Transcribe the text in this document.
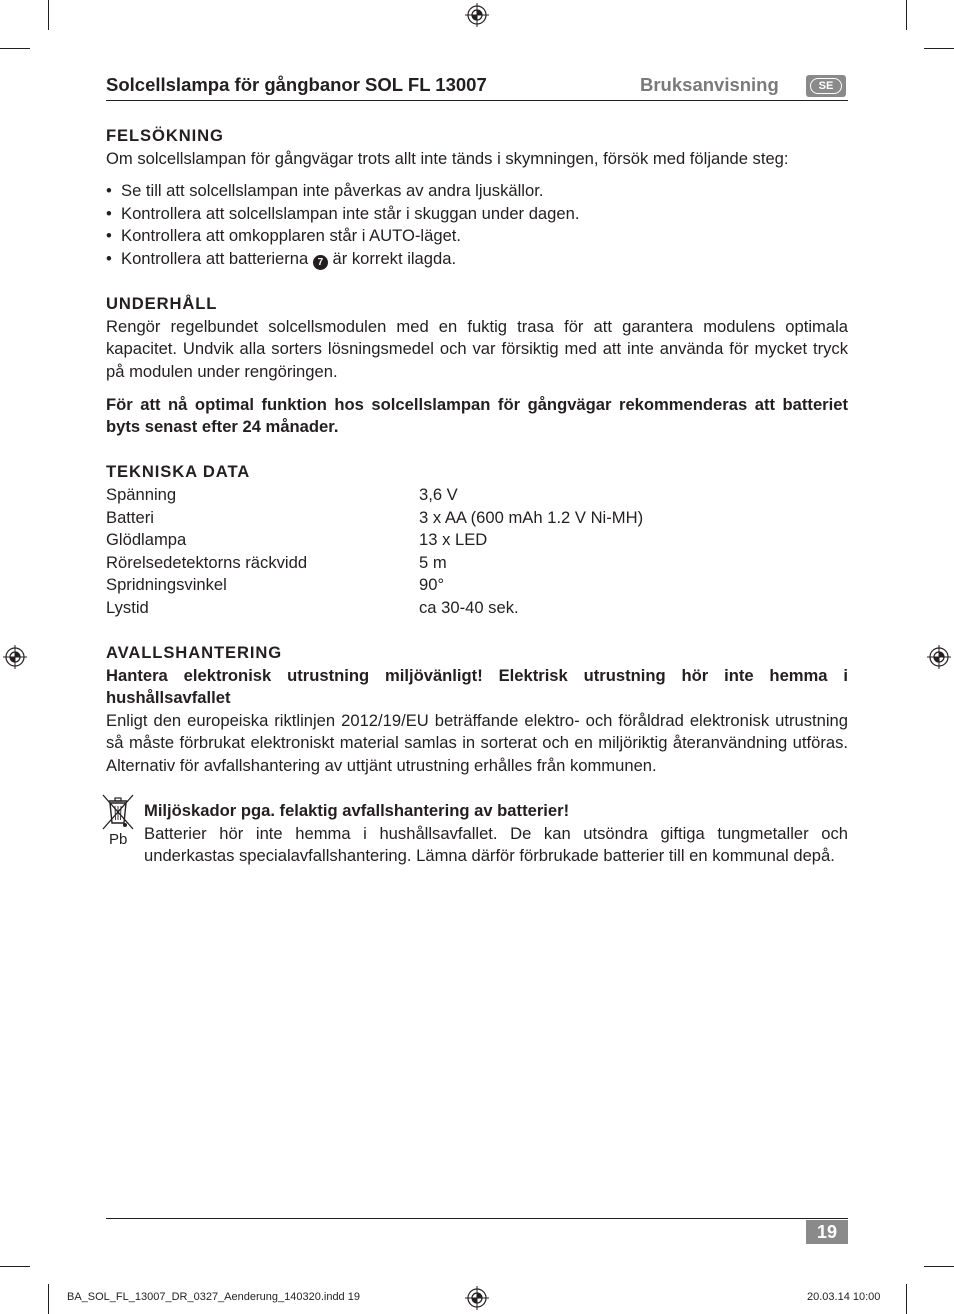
Solcellslampa för gångbanor SOL FL 13007	Bruksanvisning	SE
FELSÖKNING

Om solcellslampan för gångvägar trots allt inte tänds i skymningen, försök med följande steg:

• Se till att solcellslampan inte påverkas av andra ljuskällor.
• Kontrollera att solcellslampan inte står i skuggan under dagen.
• Kontrollera att omkopplaren står i AUTO-läget.
• Kontrollera att batterierna 7 är korrekt ilagda.
UNDERHÅLL

Rengör regelbundet solcellsmodulen med en fuktig trasa för att garantera modulens optimala kapacitet. Undvik alla sorters lösningsmedel och var försiktig med att inte använda för mycket tryck på modulen under rengöringen.

För att nå optimal funktion hos solcellslampan för gångvägar rekommenderas att batteriet byts senast efter 24 månader.

TEKNISKA DATA
Spänning	3,6 V
Batteri	3 x AA (600 mAh 1.2 V Ni-MH)
Glödlampa	13 x LED
Rörelsedetektorns räckvidd	5 m
Spridningsvinkel	90°
Lystid	ca 30-40 sek.
AVALLSHANTERING

Hantera elektronisk utrustning miljövänligt! Elektrisk utrustning hör inte hemma i hushållsavfallet

Enligt den europeiska riktlinjen 2012/19/EU beträffande elektro- och föråldrad elektronisk utrustning så måste förbrukat elektroniskt material samlas in sorterat och en miljöriktig återanvändning utföras. Alternativ för avfallshantering av uttjänt utrustning erhålles från kommunen.

Pb

Miljöskador pga. felaktig avfallshantering av batterier!

Batterier hör inte hemma i hushållsavfallet. De kan utsöndra giftiga tungmetaller och underkastas specialavfallshantering. Lämna därför förbrukade batterier till en kommunal depå.

19
BA_SOL_FL_13007_DR_0327_Aenderung_140320.indd 19	20.03.14 10:00
